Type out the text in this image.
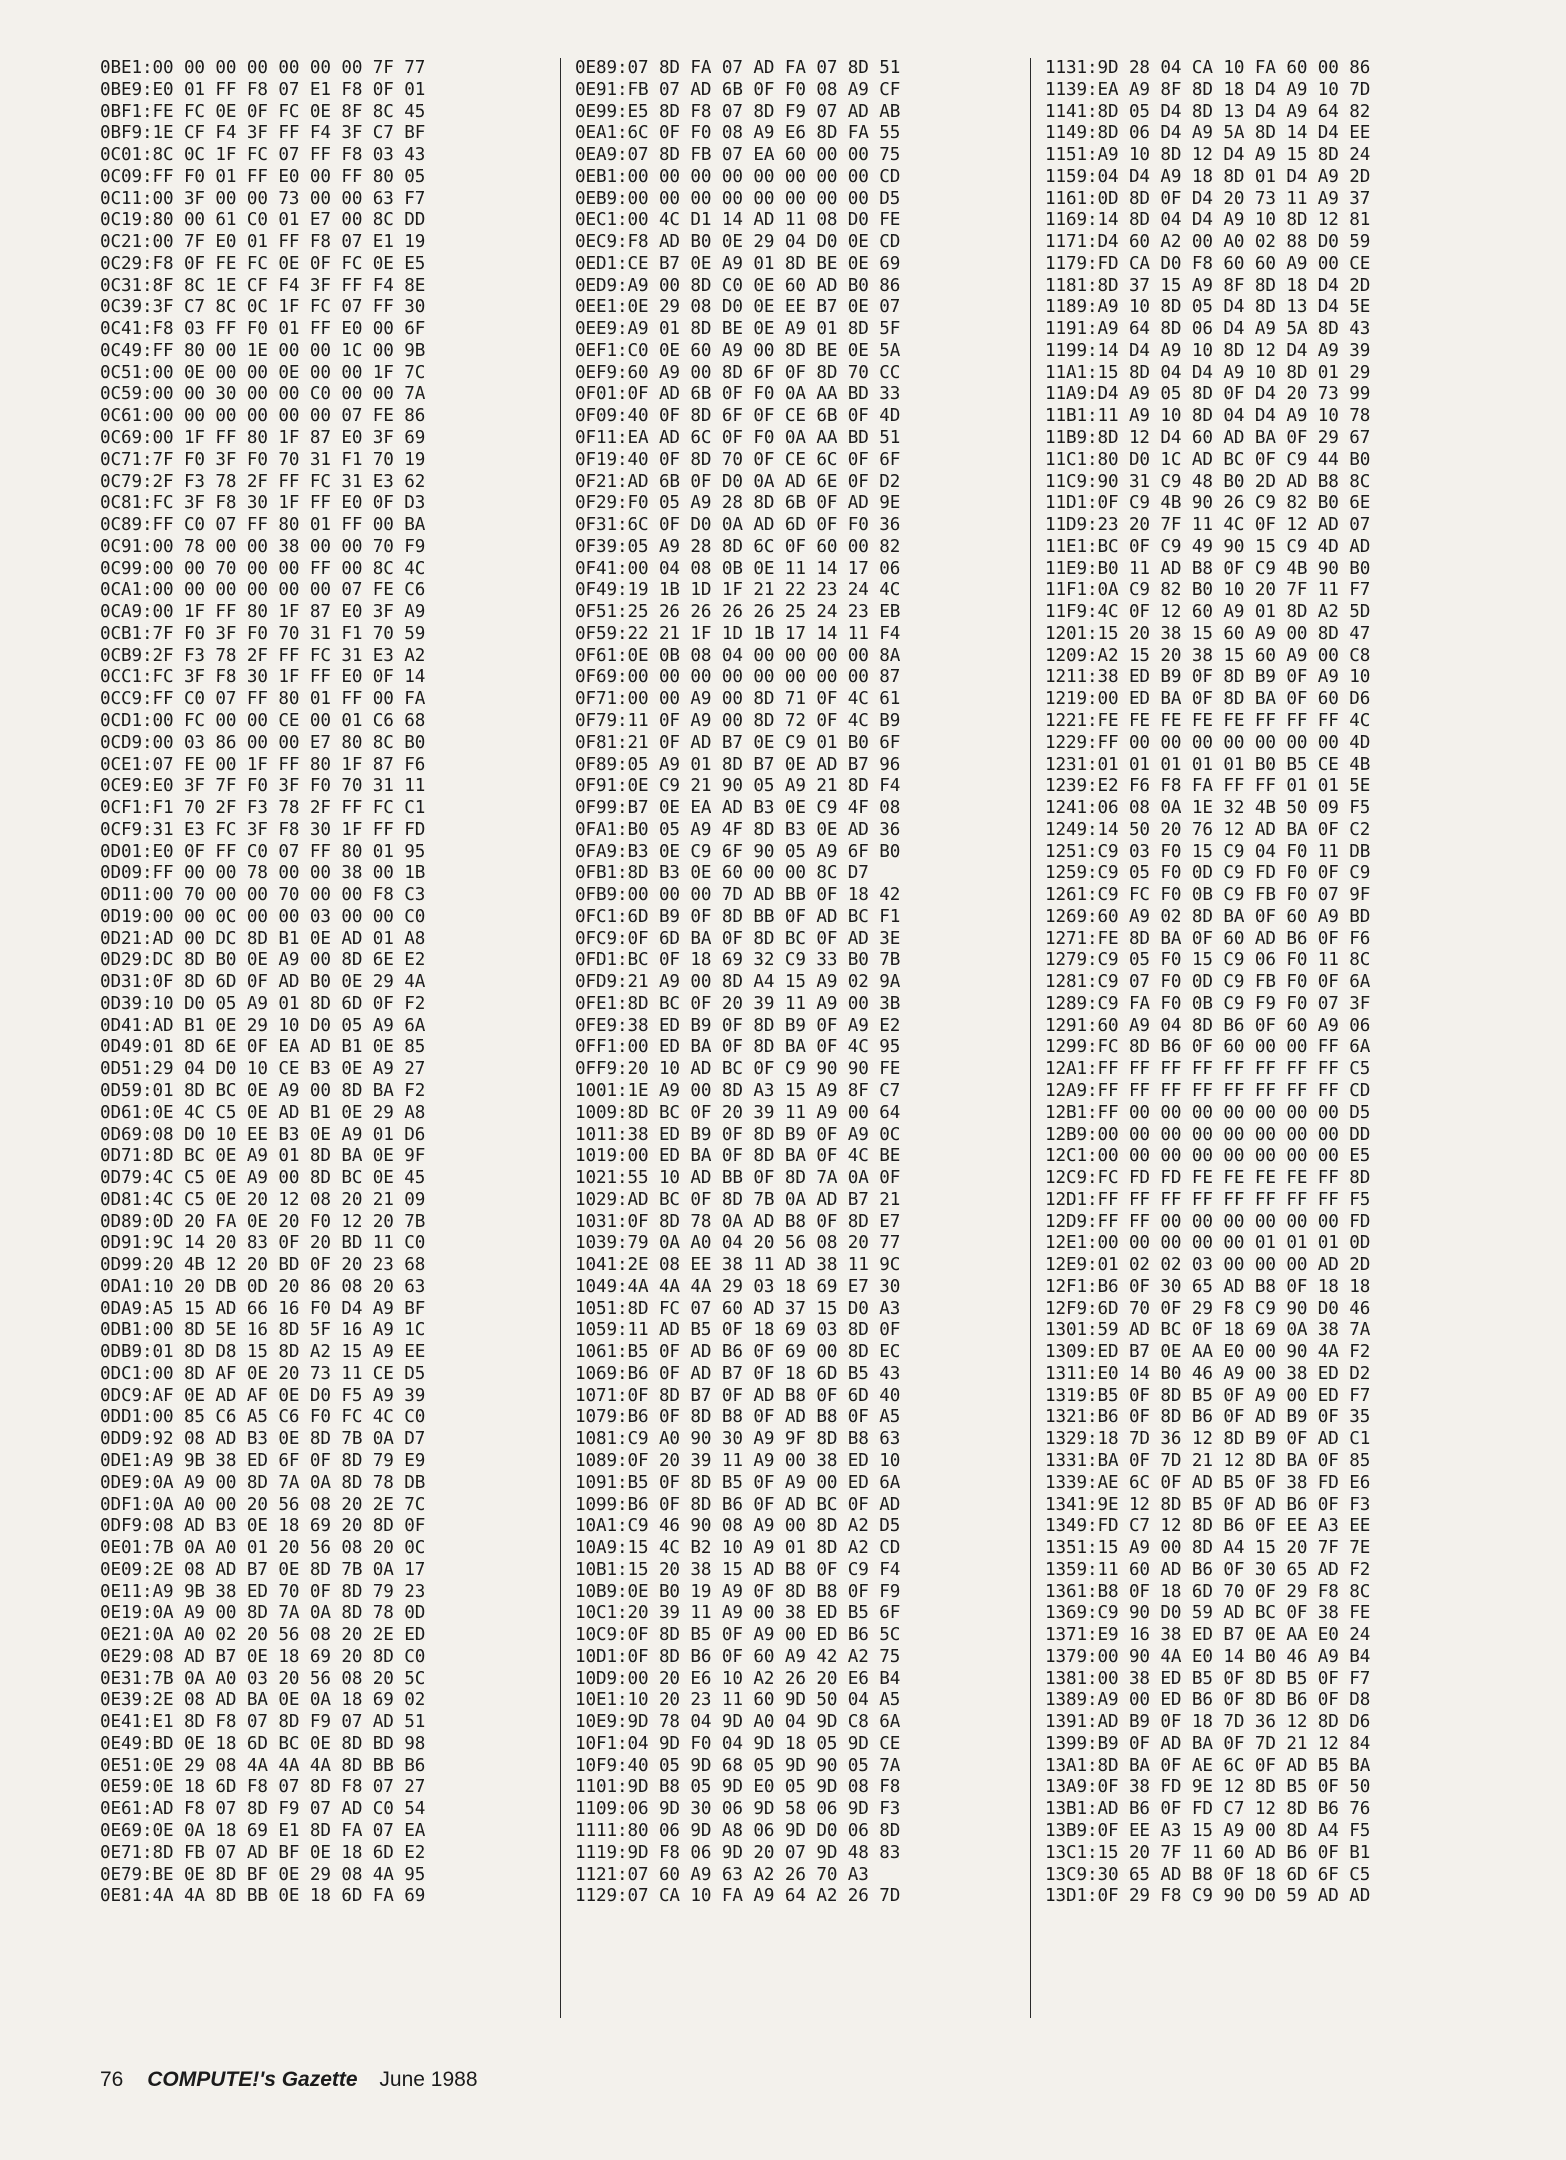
0BE1:00 00 00 00 00 00 00 7F 77
0BE9:E0 01 FF F8 07 E1 F8 0F 01
0BF1:FE FC 0E 0F FC 0E 8F 8C 45
0BF9:1E CF F4 3F FF F4 3F C7 BF
0C01:8C 0C 1F FC 07 FF F8 03 43
0C09:FF F0 01 FF E0 00 FF 80 05
0C11:00 3F 00 00 73 00 00 63 F7
0C19:80 00 61 C0 01 E7 00 8C DD
0C21:00 7F E0 01 FF F8 07 E1 19
0C29:F8 0F FE FC 0E 0F FC 0E E5
0C31:8F 8C 1E CF F4 3F FF F4 8E
0C39:3F C7 8C 0C 1F FC 07 FF 30
0C41:F8 03 FF F0 01 FF E0 00 6F
0C49:FF 80 00 1E 00 00 1C 00 9B
0C51:00 0E 00 00 0E 00 00 1F 7C
0C59:00 00 30 00 00 C0 00 00 7A
0C61:00 00 00 00 00 00 07 FE 86
0C69:00 1F FF 80 1F 87 E0 3F 69
0C71:7F F0 3F F0 70 31 F1 70 19
0C79:2F F3 78 2F FF FC 31 E3 62
0C81:FC 3F F8 30 1F FF E0 0F D3
0C89:FF C0 07 FF 80 01 FF 00 BA
0C91:00 78 00 00 38 00 00 70 F9
0C99:00 00 70 00 00 FF 00 8C 4C
0CA1:00 00 00 00 00 00 07 FE C6
0CA9:00 1F FF 80 1F 87 E0 3F A9
0CB1:7F F0 3F F0 70 31 F1 70 59
0CB9:2F F3 78 2F FF FC 31 E3 A2
0CC1:FC 3F F8 30 1F FF E0 0F 14
0CC9:FF C0 07 FF 80 01 FF 00 FA
0CD1:00 FC 00 00 CE 00 01 C6 68
0CD9:00 03 86 00 00 E7 80 8C B0
0CE1:07 FE 00 1F FF 80 1F 87 F6
0CE9:E0 3F 7F F0 3F F0 70 31 11
0CF1:F1 70 2F F3 78 2F FF FC C1
0CF9:31 E3 FC 3F F8 30 1F FF FD
0D01:E0 0F FF C0 07 FF 80 01 95
0D09:FF 00 00 78 00 00 38 00 1B
0D11:00 70 00 00 70 00 00 F8 C3
0D19:00 00 0C 00 00 03 00 00 C0
0D21:AD 00 DC 8D B1 0E AD 01 A8
0D29:DC 8D B0 0E A9 00 8D 6E E2
0D31:0F 8D 6D 0F AD B0 0E 29 4A
0D39:10 D0 05 A9 01 8D 6D 0F F2
0D41:AD B1 0E 29 10 D0 05 A9 6A
0D49:01 8D 6E 0F EA AD B1 0E 85
0D51:29 04 D0 10 CE B3 0E A9 27
0D59:01 8D BC 0E A9 00 8D BA F2
0D61:0E 4C C5 0E AD B1 0E 29 A8
0D69:08 D0 10 EE B3 0E A9 01 D6
0D71:8D BC 0E A9 01 8D BA 0E 9F
0D79:4C C5 0E A9 00 8D BC 0E 45
0D81:4C C5 0E 20 12 08 20 21 09
0D89:0D 20 FA 0E 20 F0 12 20 7B
0D91:9C 14 20 83 0F 20 BD 11 C0
0D99:20 4B 12 20 BD 0F 20 23 68
0DA1:10 20 DB 0D 20 86 08 20 63
0DA9:A5 15 AD 66 16 F0 D4 A9 BF
0DB1:00 8D 5E 16 8D 5F 16 A9 1C
0DB9:01 8D D8 15 8D A2 15 A9 EE
0DC1:00 8D AF 0E 20 73 11 CE D5
0DC9:AF 0E AD AF 0E D0 F5 A9 39
0DD1:00 85 C6 A5 C6 F0 FC 4C C0
0DD9:92 08 AD B3 0E 8D 7B 0A D7
0DE1:A9 9B 38 ED 6F 0F 8D 79 E9
0DE9:0A A9 00 8D 7A 0A 8D 78 DB
0DF1:0A A0 00 20 56 08 20 2E 7C
0DF9:08 AD B3 0E 18 69 20 8D 0F
0E01:7B 0A A0 01 20 56 08 20 0C
0E09:2E 08 AD B7 0E 8D 7B 0A 17
0E11:A9 9B 38 ED 70 0F 8D 79 23
0E19:0A A9 00 8D 7A 0A 8D 78 0D
0E21:0A A0 02 20 56 08 20 2E ED
0E29:08 AD B7 0E 18 69 20 8D C0
0E31:7B 0A A0 03 20 56 08 20 5C
0E39:2E 08 AD BA 0E 0A 18 69 02
0E41:E1 8D F8 07 8D F9 07 AD 51
0E49:BD 0E 18 6D BC 0E 8D BD 98
0E51:0E 29 08 4A 4A 4A 8D BB B6
0E59:0E 18 6D F8 07 8D F8 07 27
0E61:AD F8 07 8D F9 07 AD C0 54
0E69:0E 0A 18 69 E1 8D FA 07 EA
0E71:8D FB 07 AD BF 0E 18 6D E2
0E79:BE 0E 8D BF 0E 29 08 4A 95
0E81:4A 4A 8D BB 0E 18 6D FA 69
0E89:07 8D FA 07 AD FA 07 8D 51
0E91:FB 07 AD 6B 0F F0 08 A9 CF
0E99:E5 8D F8 07 8D F9 07 AD AB
0EA1:6C 0F F0 08 A9 E6 8D FA 55
0EA9:07 8D FB 07 EA 60 00 00 75
0EB1:00 00 00 00 00 00 00 00 CD
0EB9:00 00 00 00 00 00 00 00 D5
0EC1:00 4C D1 14 AD 11 08 D0 FE
0EC9:F8 AD B0 0E 29 04 D0 0E CD
0ED1:CE B7 0E A9 01 8D BE 0E 69
0ED9:A9 00 8D C0 0E 60 AD B0 86
0EE1:0E 29 08 D0 0E EE B7 0E 07
0EE9:A9 01 8D BE 0E A9 01 8D 5F
0EF1:C0 0E 60 A9 00 8D BE 0E 5A
0EF9:60 A9 00 8D 6F 0F 8D 70 CC
0F01:0F AD 6B 0F F0 0A AA BD 33
0F09:40 0F 8D 6F 0F CE 6B 0F 4D
0F11:EA AD 6C 0F F0 0A AA BD 51
0F19:40 0F 8D 70 0F CE 6C 0F 6F
0F21:AD 6B 0F D0 0A AD 6E 0F D2
0F29:F0 05 A9 28 8D 6B 0F AD 9E
0F31:6C 0F D0 0A AD 6D 0F F0 36
0F39:05 A9 28 8D 6C 0F 60 00 82
0F41:00 04 08 0B 0E 11 14 17 06
0F49:19 1B 1D 1F 21 22 23 24 4C
0F51:25 26 26 26 26 25 24 23 EB
0F59:22 21 1F 1D 1B 17 14 11 F4
0F61:0E 0B 08 04 00 00 00 00 8A
0F69:00 00 00 00 00 00 00 00 87
0F71:00 00 A9 00 8D 71 0F 4C 61
0F79:11 0F A9 00 8D 72 0F 4C B9
0F81:21 0F AD B7 0E C9 01 B0 6F
0F89:05 A9 01 8D B7 0E AD B7 96
0F91:0E C9 21 90 05 A9 21 8D F4
0F99:B7 0E EA AD B3 0E C9 4F 08
0FA1:B0 05 A9 4F 8D B3 0E AD 36
0FA9:B3 0E C9 6F 90 05 A9 6F B0
0FB1:8D B3 0E 60 00 00 8C D7
0FB9:00 00 00 7D AD BB 0F 18 42
0FC1:6D B9 0F 8D BB 0F AD BC F1
0FC9:0F 6D BA 0F 8D BC 0F AD 3E
0FD1:BC 0F 18 69 32 C9 33 B0 7B
0FD9:21 A9 00 8D A4 15 A9 02 9A
0FE1:8D BC 0F 20 39 11 A9 00 3B
0FE9:38 ED B9 0F 8D B9 0F A9 E2
0FF1:00 ED BA 0F 8D BA 0F 4C 95
0FF9:20 10 AD BC 0F C9 90 90 FE
1001:1E A9 00 8D A3 15 A9 8F C7
1009:8D BC 0F 20 39 11 A9 00 64
1011:38 ED B9 0F 8D B9 0F A9 0C
1019:00 ED BA 0F 8D BA 0F 4C BE
1021:55 10 AD BB 0F 8D 7A 0A 0F
1029:AD BC 0F 8D 7B 0A AD B7 21
1031:0F 8D 78 0A AD B8 0F 8D E7
1039:79 0A A0 04 20 56 08 20 77
1041:2E 08 EE 38 11 AD 38 11 9C
1049:4A 4A 4A 29 03 18 69 E7 30
1051:8D FC 07 60 AD 37 15 D0 A3
1059:11 AD B5 0F 18 69 03 8D 0F
1061:B5 0F AD B6 0F 69 00 8D EC
1069:B6 0F AD B7 0F 18 6D B5 43
1071:0F 8D B7 0F AD B8 0F 6D 40
1079:B6 0F 8D B8 0F AD B8 0F A5
1081:C9 A0 90 30 A9 9F 8D B8 63
1089:0F 20 39 11 A9 00 38 ED 10
1091:B5 0F 8D B5 0F A9 00 ED 6A
1099:B6 0F 8D B6 0F AD BC 0F AD
10A1:C9 46 90 08 A9 00 8D A2 D5
10A9:15 4C B2 10 A9 01 8D A2 CD
10B1:15 20 38 15 AD B8 0F C9 F4
10B9:0E B0 19 A9 0F 8D B8 0F F9
10C1:20 39 11 A9 00 38 ED B5 6F
10C9:0F 8D B5 0F A9 00 ED B6 5C
10D1:0F 8D B6 0F 60 A9 42 A2 75
10D9:00 20 E6 10 A2 26 20 E6 B4
10E1:10 20 23 11 60 9D 50 04 A5
10E9:9D 78 04 9D A0 04 9D C8 6A
10F1:04 9D F0 04 9D 18 05 9D CE
10F9:40 05 9D 68 05 9D 90 05 7A
1101:9D B8 05 9D E0 05 9D 08 F8
1109:06 9D 30 06 9D 58 06 9D F3
1111:80 06 9D A8 06 9D D0 06 8D
1119:9D F8 06 9D 20 07 9D 48 83
1121:07 60 A9 63 A2 26 70 A3
1129:07 CA 10 FA A9 64 A2 26 7D
1131:9D 28 04 CA 10 FA 60 00 86
1139:EA A9 8F 8D 18 D4 A9 10 7D
1141:8D 05 D4 8D 13 D4 A9 64 82
1149:8D 06 D4 A9 5A 8D 14 D4 EE
1151:A9 10 8D 12 D4 A9 15 8D 24
1159:04 D4 A9 18 8D 01 D4 A9 2D
1161:0D 8D 0F D4 20 73 11 A9 37
1169:14 8D 04 D4 A9 10 8D 12 81
1171:D4 60 A2 00 A0 02 88 D0 59
1179:FD CA D0 F8 60 60 A9 00 CE
1181:8D 37 15 A9 8F 8D 18 D4 2D
1189:A9 10 8D 05 D4 8D 13 D4 5E
1191:A9 64 8D 06 D4 A9 5A 8D 43
1199:14 D4 A9 10 8D 12 D4 A9 39
11A1:15 8D 04 D4 A9 10 8D 01 29
11A9:D4 A9 05 8D 0F D4 20 73 99
11B1:11 A9 10 8D 04 D4 A9 10 78
11B9:8D 12 D4 60 AD BA 0F 29 67
11C1:80 D0 1C AD BC 0F C9 44 B0
11C9:90 31 C9 48 B0 2D AD B8 8C
11D1:0F C9 4B 90 26 C9 82 B0 6E
11D9:23 20 7F 11 4C 0F 12 AD 07
11E1:BC 0F C9 49 90 15 C9 4D AD
11E9:B0 11 AD B8 0F C9 4B 90 B0
11F1:0A C9 82 B0 10 20 7F 11 F7
11F9:4C 0F 12 60 A9 01 8D A2 5D
1201:15 20 38 15 60 A9 00 8D 47
1209:A2 15 20 38 15 60 A9 00 C8
1211:38 ED B9 0F 8D B9 0F A9 10
1219:00 ED BA 0F 8D BA 0F 60 D6
1221:FE FE FE FE FE FF FF FF 4C
1229:FF 00 00 00 00 00 00 00 4D
1231:01 01 01 01 01 B0 B5 CE 4B
1239:E2 F6 F8 FA FF FF 01 01 5E
1241:06 08 0A 1E 32 4B 50 09 F5
1249:14 50 20 76 12 AD BA 0F C2
1251:C9 03 F0 15 C9 04 F0 11 DB
1259:C9 05 F0 0D C9 FD F0 0F C9
1261:C9 FC F0 0B C9 FB F0 07 9F
1269:60 A9 02 8D BA 0F 60 A9 BD
1271:FE 8D BA 0F 60 AD B6 0F F6
1279:C9 05 F0 15 C9 06 F0 11 8C
1281:C9 07 F0 0D C9 FB F0 0F 6A
1289:C9 FA F0 0B C9 F9 F0 07 3F
1291:60 A9 04 8D B6 0F 60 A9 06
1299:FC 8D B6 0F 60 00 00 FF 6A
12A1:FF FF FF FF FF FF FF FF C5
12A9:FF FF FF FF FF FF FF FF CD
12B1:FF 00 00 00 00 00 00 00 D5
12B9:00 00 00 00 00 00 00 00 DD
12C1:00 00 00 00 00 00 00 00 E5
12C9:FC FD FD FE FE FE FE FF 8D
12D1:FF FF FF FF FF FF FF FF F5
12D9:FF FF 00 00 00 00 00 00 FD
12E1:00 00 00 00 00 01 01 01 0D
12E9:01 02 02 03 00 00 00 AD 2D
12F1:B6 0F 30 65 AD B8 0F 18 18
12F9:6D 70 0F 29 F8 C9 90 D0 46
1301:59 AD BC 0F 18 69 0A 38 7A
1309:ED B7 0E AA E0 00 90 4A F2
1311:E0 14 B0 46 A9 00 38 ED D2
1319:B5 0F 8D B5 0F A9 00 ED F7
1321:B6 0F 8D B6 0F AD B9 0F 35
1329:18 7D 36 12 8D B9 0F AD C1
1331:BA 0F 7D 21 12 8D BA 0F 85
1339:AE 6C 0F AD B5 0F 38 FD E6
1341:9E 12 8D B5 0F AD B6 0F F3
1349:FD C7 12 8D B6 0F EE A3 EE
1351:15 A9 00 8D A4 15 20 7F 7E
1359:11 60 AD B6 0F 30 65 AD F2
1361:B8 0F 18 6D 70 0F 29 F8 8C
1369:C9 90 D0 59 AD BC 0F 38 FE
1371:E9 16 38 ED B7 0E AA E0 24
1379:00 90 4A E0 14 B0 46 A9 B4
1381:00 38 ED B5 0F 8D B5 0F F7
1389:A9 00 ED B6 0F 8D B6 0F D8
1391:AD B9 0F 18 7D 36 12 8D D6
1399:B9 0F AD BA 0F 7D 21 12 84
13A1:8D BA 0F AE 6C 0F AD B5 BA
13A9:0F 38 FD 9E 12 8D B5 0F 50
13B1:AD B6 0F FD C7 12 8D B6 76
13B9:0F EE A3 15 A9 00 8D A4 F5
13C1:15 20 7F 11 60 AD B6 0F B1
13C9:30 65 AD B8 0F 18 6D 6F C5
13D1:0F 29 F8 C9 90 D0 59 AD AD
76 COMPUTE!'s Gazette June 1988
